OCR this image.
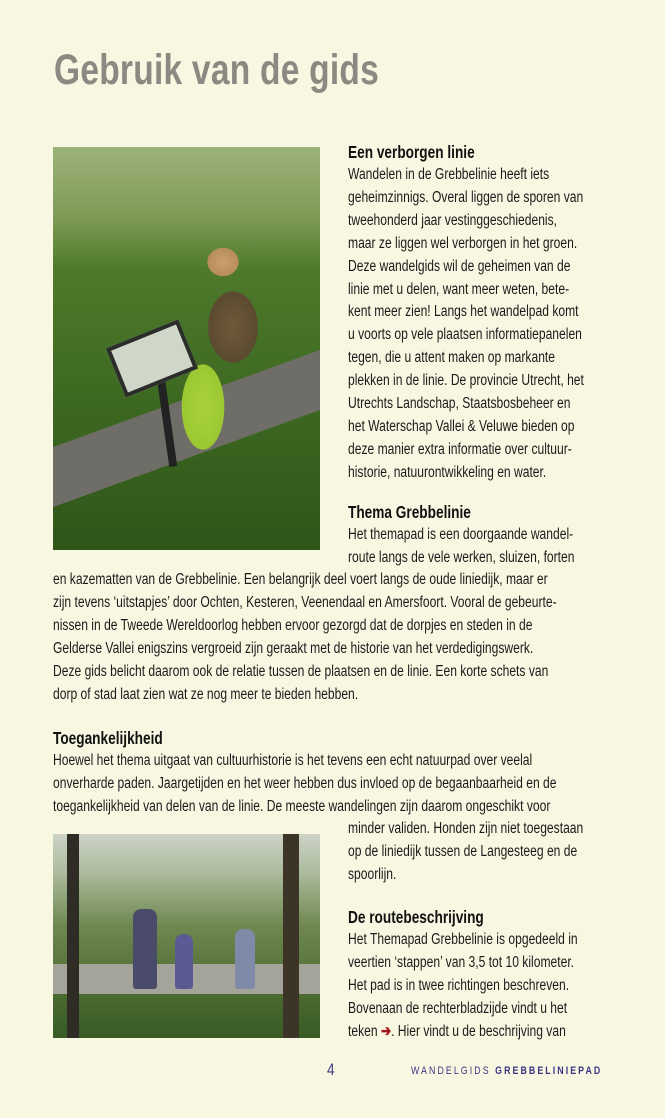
Gebruik van de gids
Een verborgen linie
Wandelen in de Grebbelinie heeft iets
geheimzinnigs. Overal liggen de sporen van
tweehonderd jaar vestinggeschiedenis,
maar ze liggen wel verborgen in het groen.
Deze wandelgids wil de geheimen van de
linie met u delen, want meer weten, bete-
kent meer zien! Langs het wandelpad komt
u voorts op vele plaatsen informatiepanelen
tegen, die u attent maken op markante
plekken in de linie. De provincie Utrecht, het
Utrechts Landschap, Staatsbosbeheer en
het Waterschap Vallei & Veluwe bieden op
deze manier extra informatie over cultuur-
historie, natuurontwikkeling en water.
Thema Grebbelinie
Het themapad is een doorgaande wandel-
route langs de vele werken, sluizen, forten
en kazematten van de Grebbelinie. Een belangrijk deel voert langs de oude liniedijk, maar er
zijn tevens ‘uitstapjes’ door Ochten, Kesteren, Veenendaal en Amersfoort. Vooral de gebeurte-
nissen in de Tweede Wereldoorlog hebben ervoor gezorgd dat de dorpjes en steden in de
Gelderse Vallei enigszins vergroeid zijn geraakt met de historie van het verdedigingswerk.
Deze gids belicht daarom ook de relatie tussen de plaatsen en de linie. Een korte schets van
dorp of stad laat zien wat ze nog meer te bieden hebben.
Toegankelijkheid
Hoewel het thema uitgaat van cultuurhistorie is het tevens een echt natuurpad over veelal
onverharde paden. Jaargetijden en het weer hebben dus invloed op de begaanbaarheid en de
toegankelijkheid van delen van de linie. De meeste wandelingen zijn daarom ongeschikt voor
minder validen. Honden zijn niet toegestaan
op de liniedijk tussen de Langesteeg en de
spoorlijn.
De routebeschrijving
Het Themapad Grebbelinie is opgedeeld in
veertien ‘stappen’ van 3,5 tot 10 kilometer.
Het pad is in twee richtingen beschreven.
Bovenaan de rechterbladzijde vindt u het
teken ➔. Hier vindt u de beschrijving van
4	WANDELGIDS GREBBELINIEPAD
